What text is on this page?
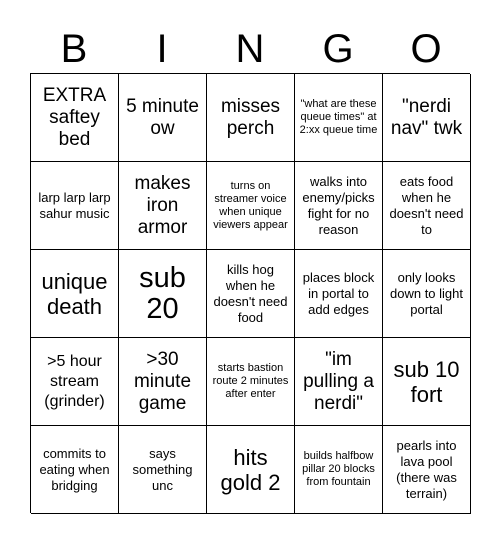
B	I	N	G	O
EXTRA saftey bed
5 minute ow
misses perch
"what are these queue times" at 2:xx queue time
"nerdi nav" twk
larp larp larp sahur music
makes iron armor
turns on streamer voice when unique viewers appear
walks into enemy/picks fight for no reason
eats food when he doesn't need to
unique death
sub 20
kills hog when he doesn't need food
places block in portal to add edges
only looks down to light portal
>5 hour stream (grinder)
>30 minute game
starts bastion route 2 minutes after enter
"im pulling a nerdi"
sub 10 fort
commits to eating when bridging
says something unc
hits gold 2
builds halfbow pillar 20 blocks from fountain
pearls into lava pool (there was terrain)
